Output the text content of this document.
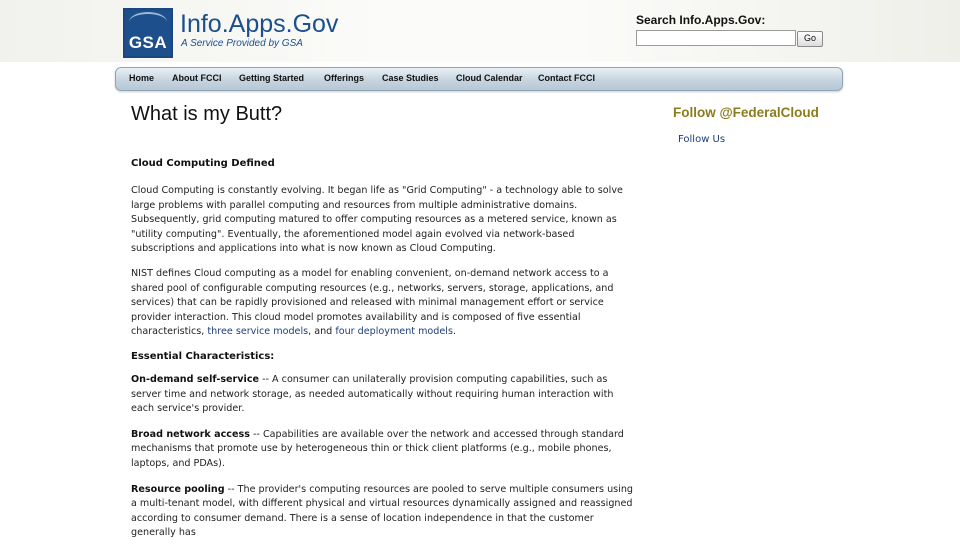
GSA
Info.Apps.Gov
A Service Provided by GSA
Search Info.Apps.Gov:
Go
Home About FCCI Getting Started Offerings Case Studies Cloud Calendar Contact FCCI
What is my Butt?
Cloud Computing Defined

Cloud Computing is constantly evolving. It began life as "Grid Computing" - a technology able to solve large problems with parallel computing and resources from multiple administrative domains. Subsequently, grid computing matured to offer computing resources as a metered service, known as "utility computing". Eventually, the aforementioned model again evolved via network-based subscriptions and applications into what is now known as Cloud Computing.

NIST defines Cloud computing as a model for enabling convenient, on-demand network access to a shared pool of configurable computing resources (e.g., networks, servers, storage, applications, and services) that can be rapidly provisioned and released with minimal management effort or service provider interaction. This cloud model promotes availability and is composed of five essential characteristics, three service models, and four deployment models.

Essential Characteristics:

On-demand self-service -- A consumer can unilaterally provision computing capabilities, such as server time and network storage, as needed automatically without requiring human interaction with each service's provider.

Broad network access -- Capabilities are available over the network and accessed through standard mechanisms that promote use by heterogeneous thin or thick client platforms (e.g., mobile phones, laptops, and PDAs).

Resource pooling -- The provider's computing resources are pooled to serve multiple consumers using a multi-tenant model, with different physical and virtual resources dynamically assigned and reassigned according to consumer demand. There is a sense of location independence in that the customer generally has

Follow @FederalCloud
Follow Us
